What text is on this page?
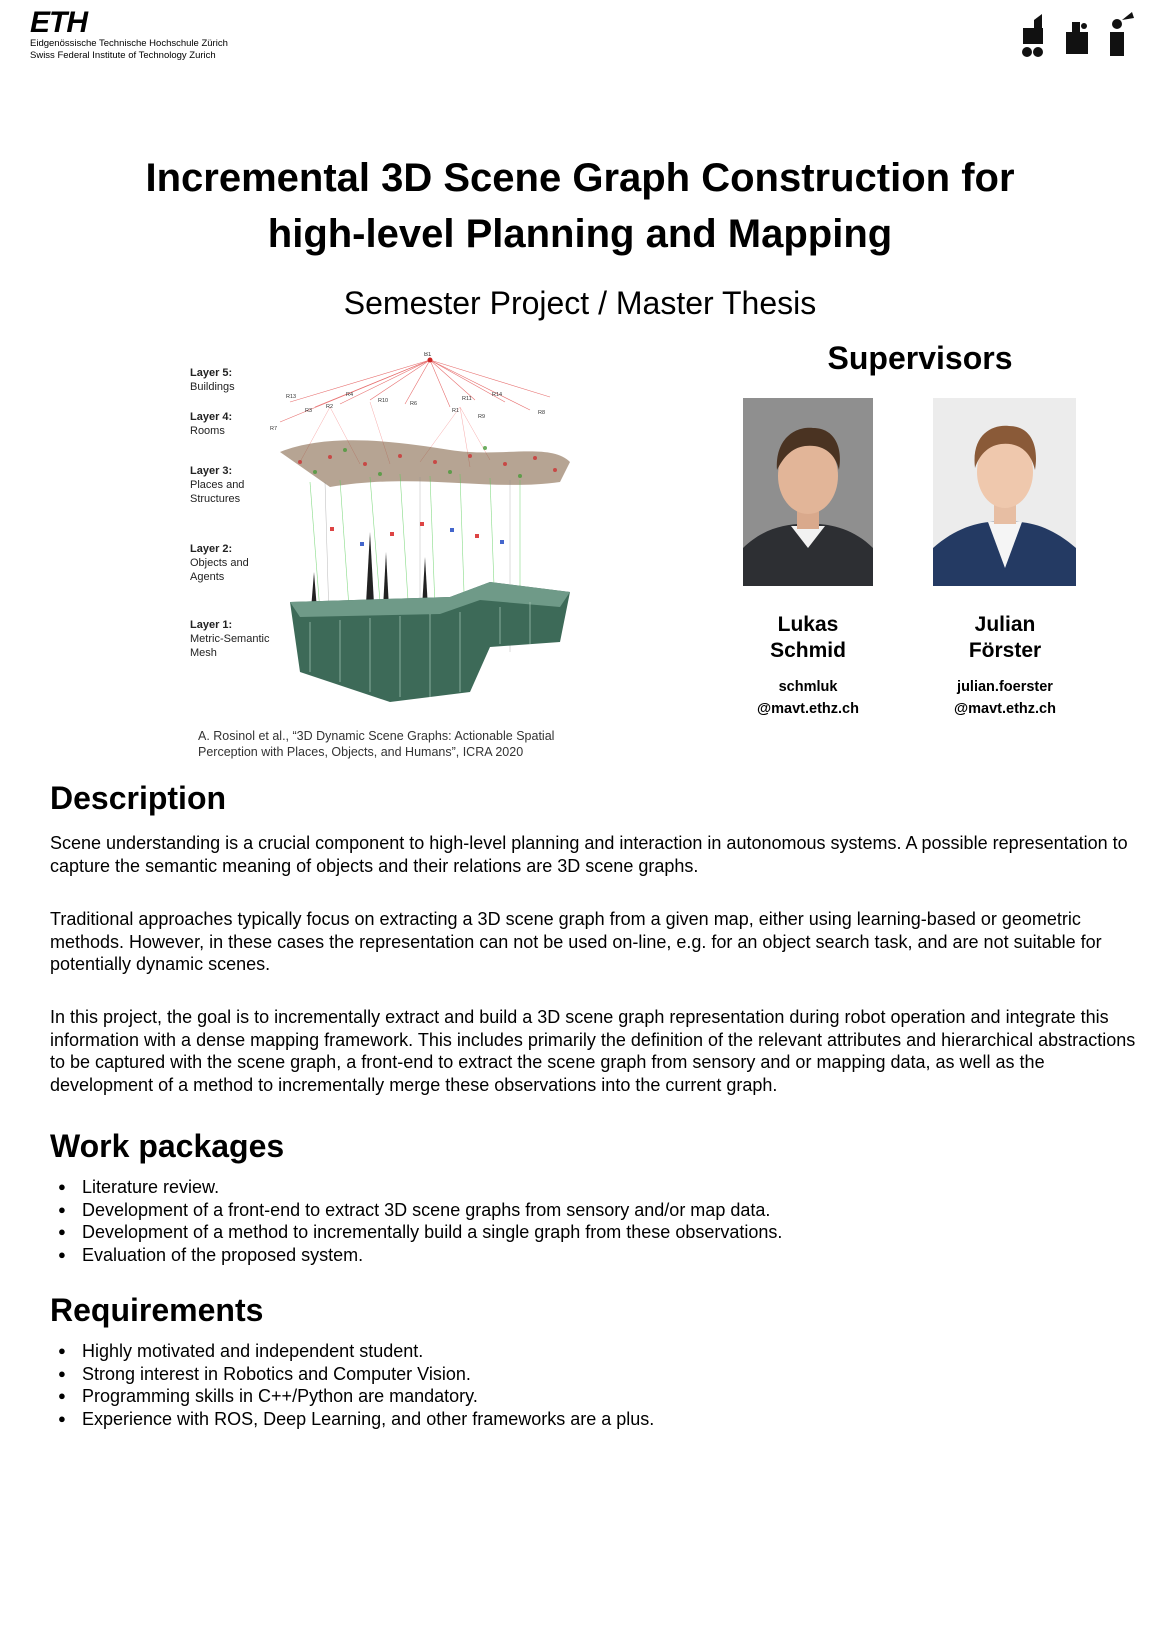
ETH

Eidgenössische Technische Hochschule Zürich

Swiss Federal Institute of Technology Zurich

Incremental 3D Scene Graph Construction for
high-level Planning and Mapping

Semester Project / Master Thesis

Layer 5:
Buildings
Layer 4:
Rooms
Layer 3:
Places and Structures
Layer 2:
Objects and Agents
Layer 1:
Metric-Semantic Mesh
B1
R13	R4
R10	R6
R11
R14
R3
R2
R1
R9
R8
R7

A. Rosinol et al., “3D Dynamic Scene Graphs: Actionable Spatial Perception with Places, Objects, and Humans”, ICRA 2020

Supervisors

Lukas
Schmid

Julian
Förster

schmluk
@mavt.ethz.ch

julian.foerster
@mavt.ethz.ch

Description

Scene understanding is a crucial component to high-level planning and interaction in autonomous systems. A possible representation to capture the semantic meaning of objects and their relations are 3D scene graphs.

Traditional approaches typically focus on extracting a 3D scene graph from a given map, either using learning-based or geometric methods. However, in these cases the representation can not be used on-line, e.g. for an object search task, and are not suitable for potentially dynamic scenes.

In this project, the goal is to incrementally extract and build a 3D scene graph representation during robot operation and integrate this information with a dense mapping framework. This includes primarily the definition of the relevant attributes and hierarchical abstractions to be captured with the scene graph, a front-end to extract the scene graph from sensory and or mapping data, as well as the development of a method to incrementally merge these observations into the current graph.

Work packages
● Literature review.
● Development of a front-end to extract 3D scene graphs from sensory and/or map data.
● Development of a method to incrementally build a single graph from these observations.
● Evaluation of the proposed system.
Requirements
● Highly motivated and independent student.
● Strong interest in Robotics and Computer Vision.
● Programming skills in C++/Python are mandatory.
● Experience with ROS, Deep Learning, and other frameworks are a plus.
